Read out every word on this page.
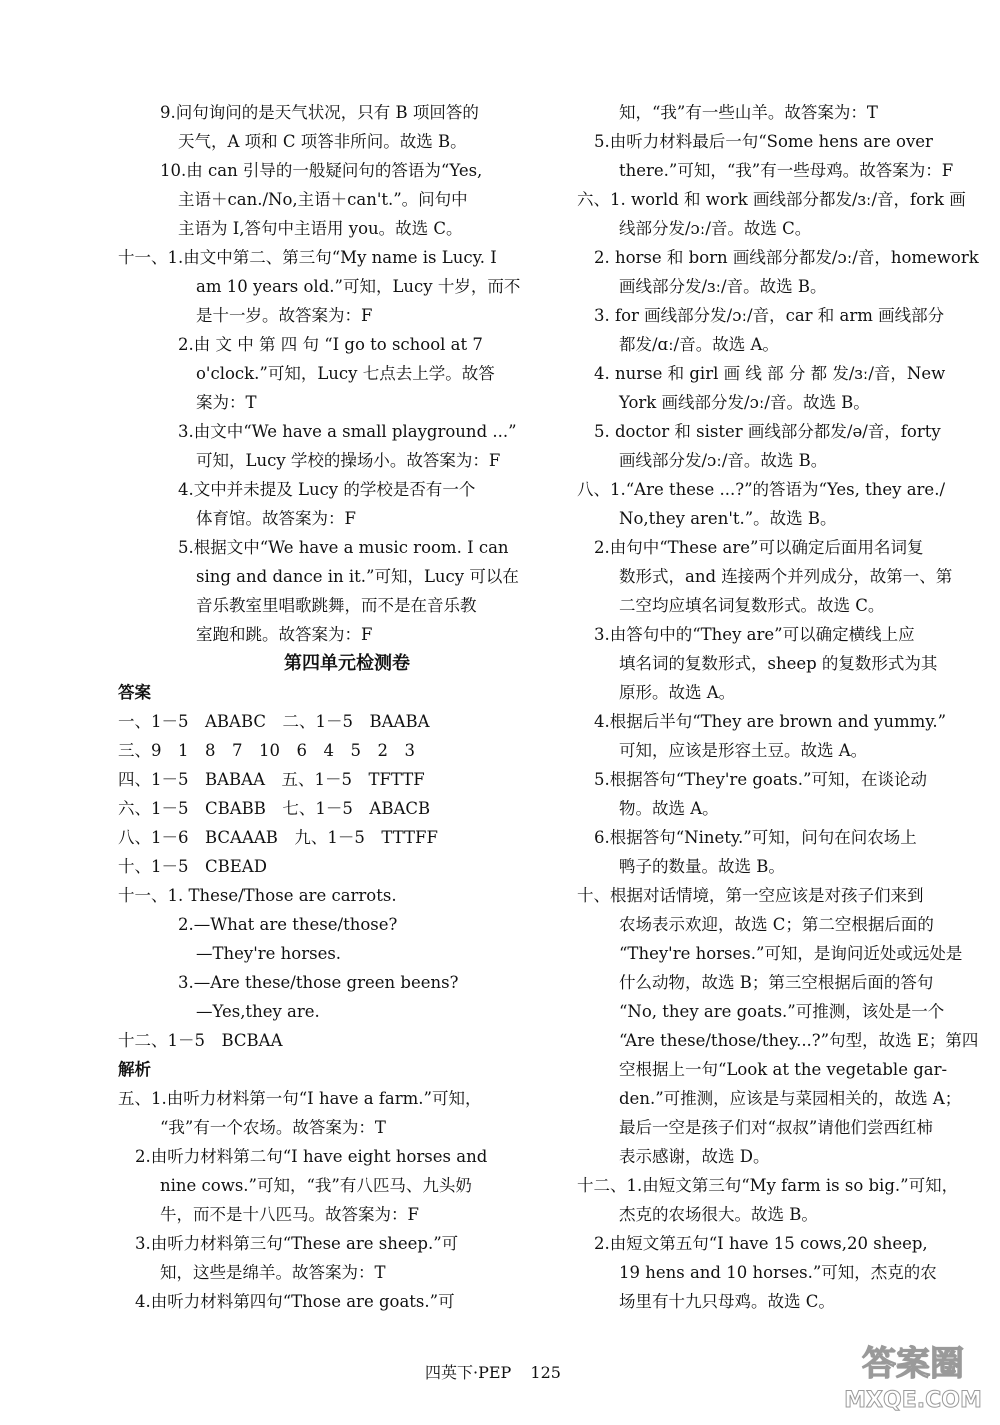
9.问句询问的是天气状况，只有 B 项回答的
天气，A 项和 C 项答非所问。故选 B。
10.由 can 引导的一般疑问句的答语为“Yes,
主语＋can./No,主语＋can't.”。问句中
主语为 I,答句中主语用 you。故选 C。
十一、1.由文中第二、第三句“My name is Lucy. I
am 10 years old.”可知，Lucy 十岁，而不
是十一岁。故答案为：F
2.由 文 中 第 四 句 “I go to school at 7
o'clock.”可知，Lucy 七点去上学。故答
案为：T
3.由文中“We have a small playground ...”
可知，Lucy 学校的操场小。故答案为：F
4.文中并未提及 Lucy 的学校是否有一个
体育馆。故答案为：F
5.根据文中“We have a music room. I can
sing and dance in it.”可知，Lucy 可以在
音乐教室里唱歌跳舞，而不是在音乐教
室跑和跳。故答案为：F
第四单元检测卷
答案
一、1－5　ABABC　二、1－5　BAABA
三、9　1　8　7　10　6　4　5　2　3
四、1－5　BABAA　五、1－5　TFTTF
六、1－5　CBABB　七、1－5　ABACB
八、1－6　BCAAAB　九、1－5　TTTFF
十、1－5　CBEAD
十一、1. These/Those are carrots.
2.—What are these/those?
—They're horses.
3.—Are these/those green beens?
—Yes,they are.
十二、1－5　BCBAA
解析
五、1.由听力材料第一句“I have a farm.”可知，
“我”有一个农场。故答案为：T
2.由听力材料第二句“I have eight horses and
nine cows.”可知，“我”有八匹马、九头奶
牛，而不是十八匹马。故答案为：F
3.由听力材料第三句“These are sheep.”可
知，这些是绵羊。故答案为：T
4.由听力材料第四句“Those are goats.”可
知，“我”有一些山羊。故答案为：T
5.由听力材料最后一句“Some hens are over
there.”可知，“我”有一些母鸡。故答案为：F
六、1. world 和 work 画线部分都发/ɜː/音，fork 画
线部分发/ɔː/音。故选 C。
2. horse 和 born 画线部分都发/ɔː/音，homework
画线部分发/ɜː/音。故选 B。
3. for 画线部分发/ɔː/音，car 和 arm 画线部分
都发/ɑː/音。故选 A。
4. nurse 和 girl 画 线 部 分 都 发/ɜː/音，New
York 画线部分发/ɔː/音。故选 B。
5. doctor 和 sister 画线部分都发/ə/音，forty
画线部分发/ɔː/音。故选 B。
八、1.“Are these ...?”的答语为“Yes, they are./
No,they aren't.”。故选 B。
2.由句中“These are”可以确定后面用名词复
数形式，and 连接两个并列成分，故第一、第
二空均应填名词复数形式。故选 C。
3.由答句中的“They are”可以确定横线上应
填名词的复数形式，sheep 的复数形式为其
原形。故选 A。
4.根据后半句“They are brown and yummy.”
可知，应该是形容土豆。故选 A。
5.根据答句“They're goats.”可知，在谈论动
物。故选 A。
6.根据答句“Ninety.”可知，问句在问农场上
鸭子的数量。故选 B。
十、根据对话情境，第一空应该是对孩子们来到
农场表示欢迎，故选 C；第二空根据后面的
“They're horses.”可知，是询问近处或远处是
什么动物，故选 B；第三空根据后面的答句
“No, they are goats.”可推测，该处是一个
“Are these/those/they...?”句型，故选 E；第四
空根据上一句“Look at the vegetable gar-
den.”可推测，应该是与菜园相关的，故选 A；
最后一空是孩子们对“叔叔”请他们尝西红柿
表示感谢，故选 D。
十二、1.由短文第三句“My farm is so big.”可知，
杰克的农场很大。故选 B。
2.由短文第五句“I have 15 cows,20 sheep,
19 hens and 10 horses.”可知，杰克的农
场里有十九只母鸡。故选 C。
四英下·PEP 125	答案圈
MXQE.COM
